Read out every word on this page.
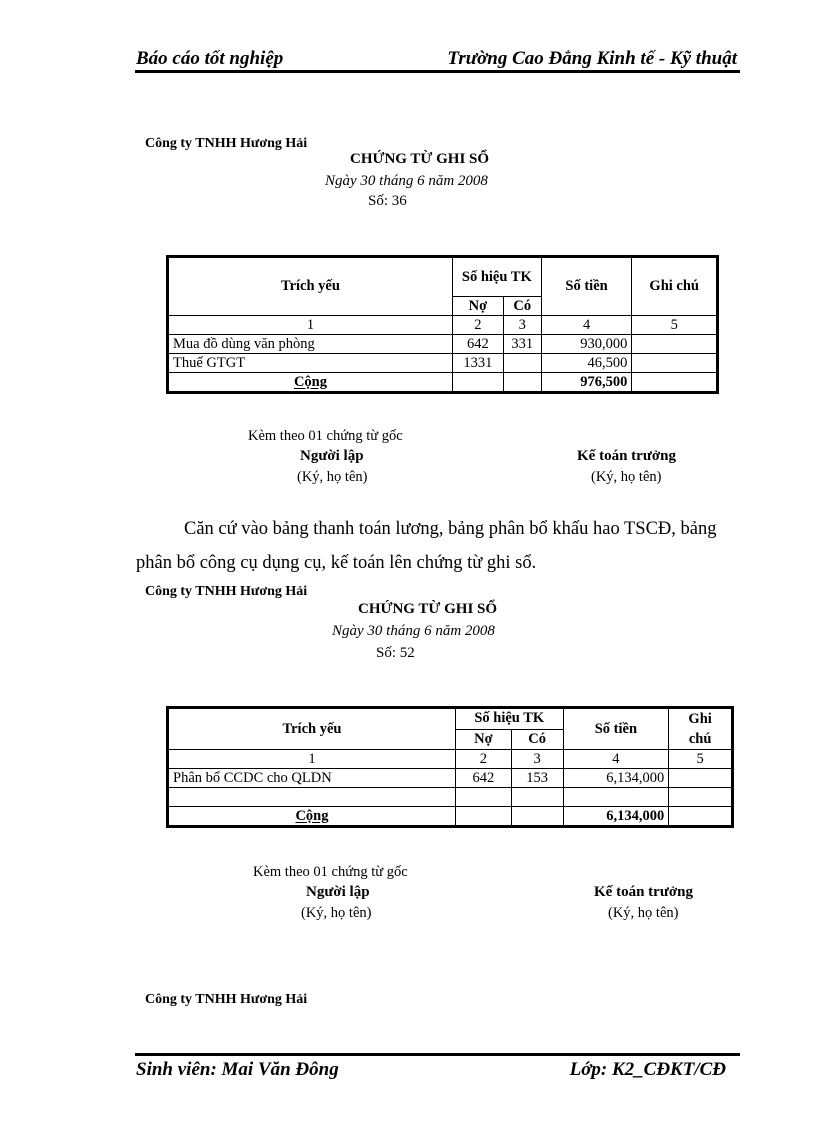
Báo cáo tốt nghiệp	Trường Cao Đẳng Kinh tế - Kỹ thuật
Công ty TNHH Hương Hải
CHỨNG TỪ GHI SỔ
Ngày 30 tháng 6 năm 2008
Số: 36
Trích yếu	Số hiệu TK		Số tiền	Ghi chú
	Nợ	Có		
1	2	3	4	5
Mua đồ dùng văn phòng	642	331	930,000	
Thuế GTGT	1331		46,500	
Cộng			976,500	
Kèm theo 01 chứng từ gốc
Người lập
(Ký, họ tên)
Kế toán trưởng
(Ký, họ tên)
Căn cứ vào bảng thanh toán lương, bảng phân bổ khấu hao TSCĐ, bảng
phân bổ công cụ dụng cụ, kế toán lên chứng từ ghi sổ.
Công ty TNHH Hương Hải
CHỨNG TỪ GHI SỔ
Ngày 30 tháng 6 năm 2008
Số: 52
Trích yếu	Số hiệu TK		Số tiền	Ghi
chú
	Nợ	Có		
1	2	3	4	5
Phân bổ CCDC cho QLDN	642	153	6,134,000	

Cộng			6,134,000	
Kèm theo 01 chứng từ gốc
Người lập
(Ký, họ tên)
Kế toán trưởng
(Ký, họ tên)
Công ty TNHH Hương Hải
Sinh viên: Mai Văn Đông	Lớp: K2_CĐKT/CĐ
